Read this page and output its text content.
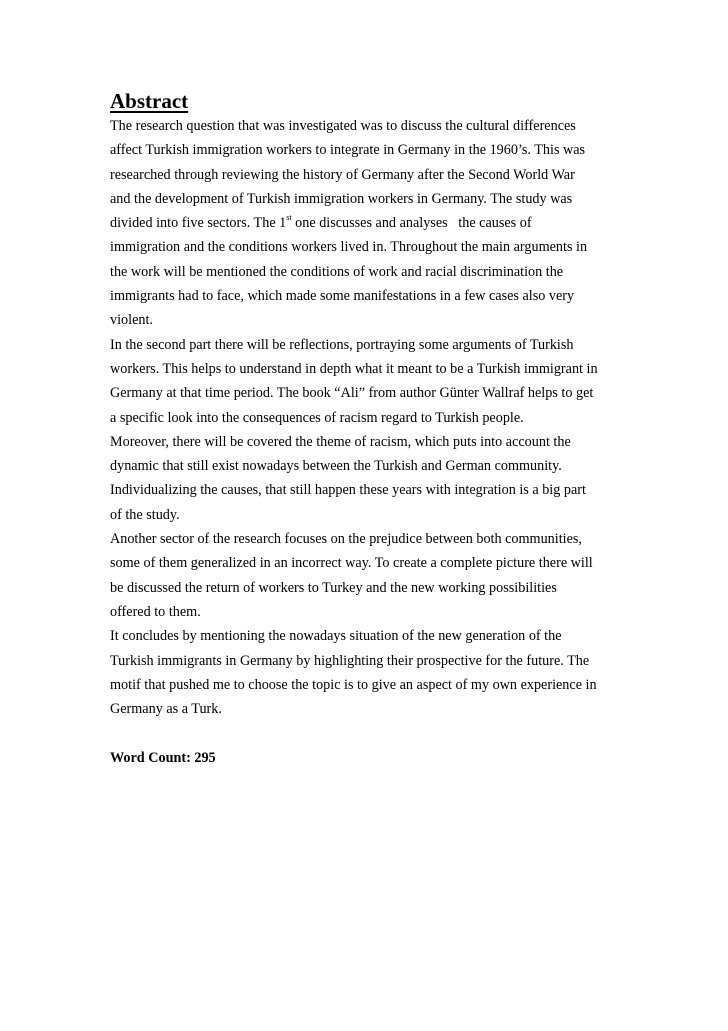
Abstract
The research question that was investigated was to discuss the cultural differences
affect Turkish immigration workers to integrate in Germany in the 1960’s. This was
researched through reviewing the history of Germany after the Second World War
and the development of Turkish immigration workers in Germany. The study was
divided into five sectors. The 1st one discusses and analyses   the causes of
immigration and the conditions workers lived in. Throughout the main arguments in
the work will be mentioned the conditions of work and racial discrimination the
immigrants had to face, which made some manifestations in a few cases also very
violent.
In the second part there will be reflections, portraying some arguments of Turkish
workers. This helps to understand in depth what it meant to be a Turkish immigrant in
Germany at that time period. The book “Ali” from author Günter Wallraf helps to get
a specific look into the consequences of racism regard to Turkish people.
Moreover, there will be covered the theme of racism, which puts into account the
dynamic that still exist nowadays between the Turkish and German community.
Individualizing the causes, that still happen these years with integration is a big part
of the study.
Another sector of the research focuses on the prejudice between both communities,
some of them generalized in an incorrect way. To create a complete picture there will
be discussed the return of workers to Turkey and the new working possibilities
offered to them.
It concludes by mentioning the nowadays situation of the new generation of the
Turkish immigrants in Germany by highlighting their prospective for the future. The
motif that pushed me to choose the topic is to give an aspect of my own experience in
Germany as a Turk.

Word Count: 295
